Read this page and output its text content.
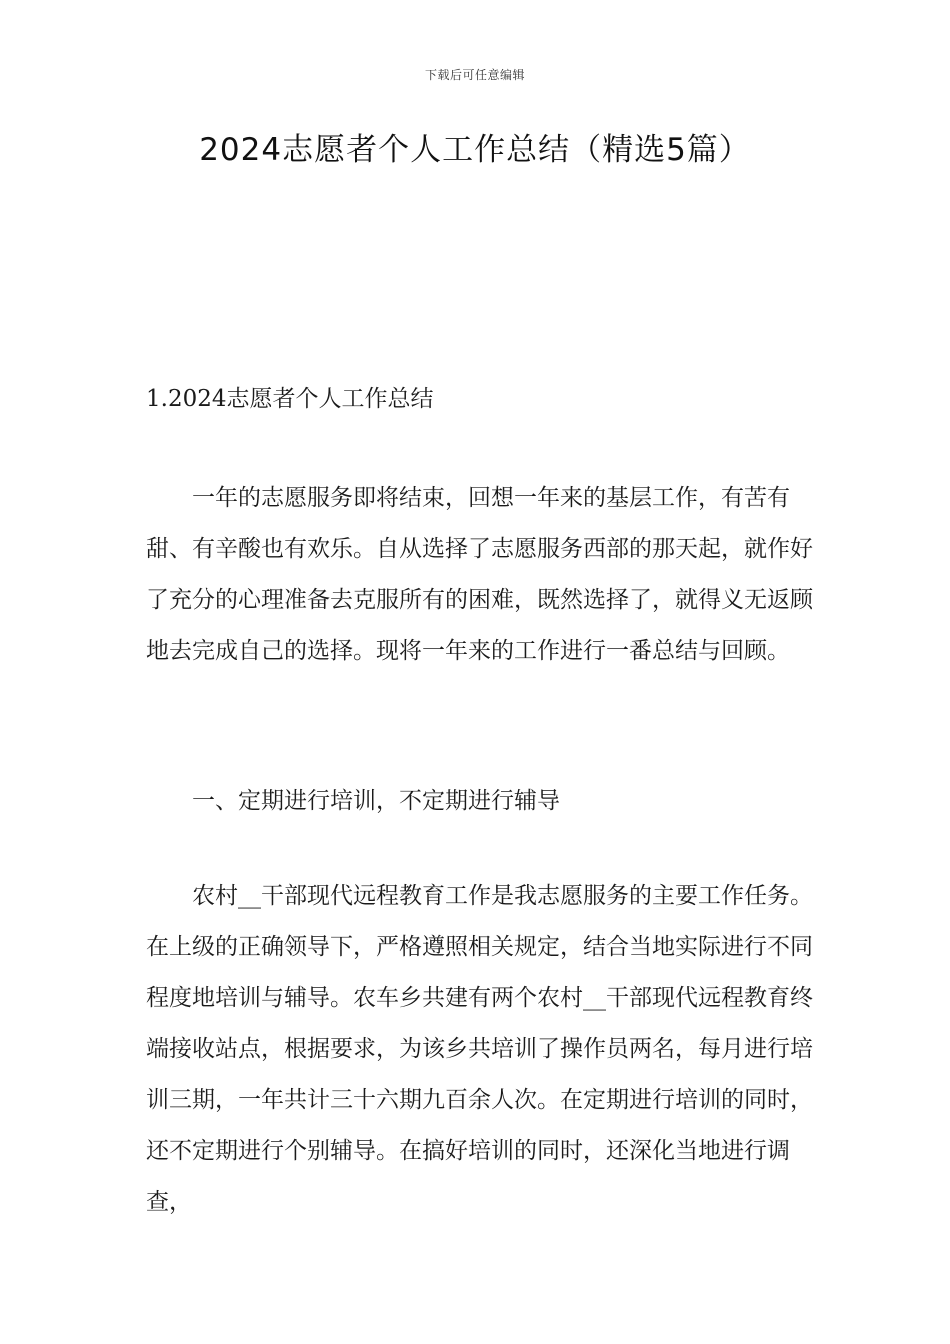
下载后可任意编辑
2024志愿者个人工作总结（精选5篇）
1.2024志愿者个人工作总结

一年的志愿服务即将结束，回想一年来的基层工作，有苦有甜、有辛酸也有欢乐。自从选择了志愿服务西部的那天起，就作好了充分的心理准备去克服所有的困难，既然选择了，就得义无返顾地去完成自己的选择。现将一年来的工作进行一番总结与回顾。

一、定期进行培训，不定期进行辅导

农村__干部现代远程教育工作是我志愿服务的主要工作任务。在上级的正确领导下，严格遵照相关规定，结合当地实际进行不同程度地培训与辅导。农车乡共建有两个农村__干部现代远程教育终端接收站点，根据要求，为该乡共培训了操作员两名，每月进行培训三期，一年共计三十六期九百余人次。在定期进行培训的同时，还不定期进行个别辅导。在搞好培训的同时，还深化当地进行调查，
